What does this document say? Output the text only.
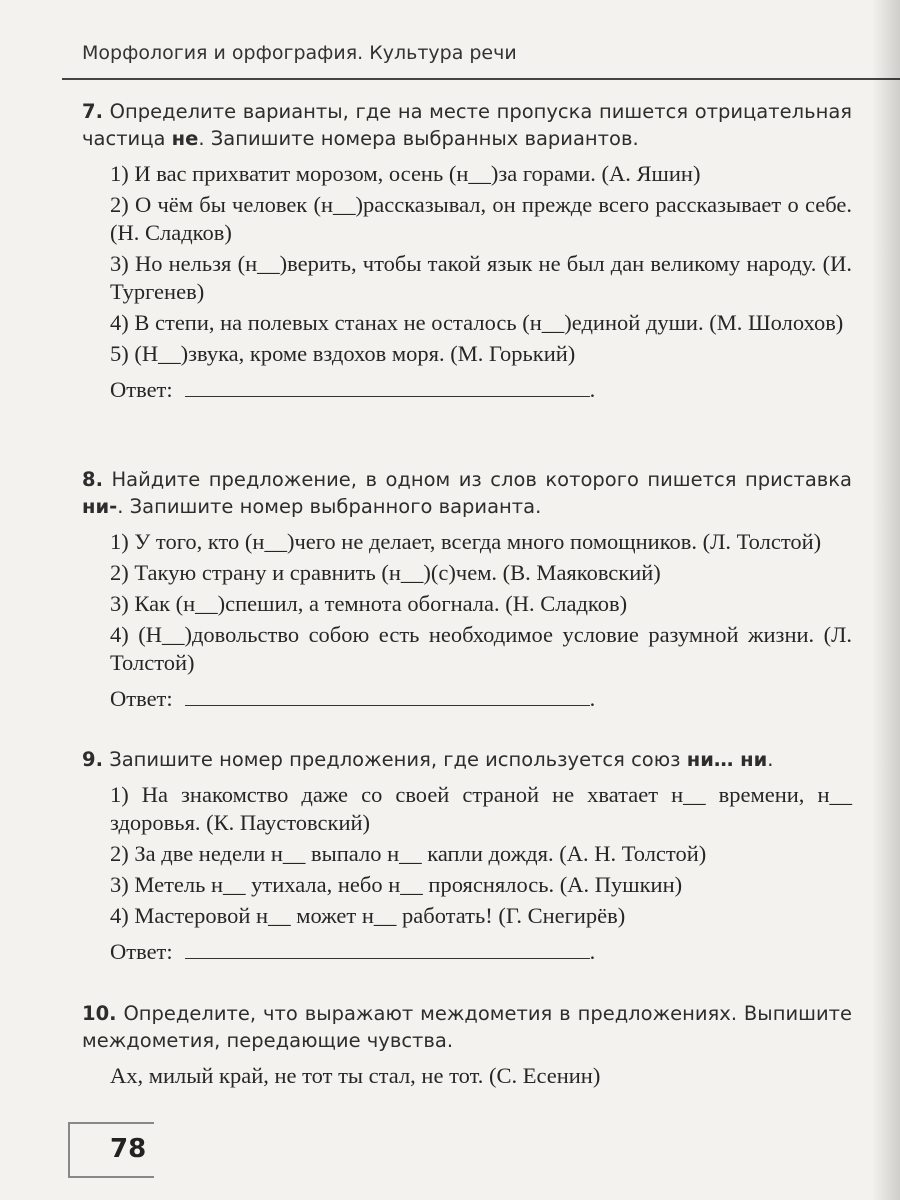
Морфология и орфография. Культура речи

7. Определите варианты, где на месте пропуска пишется отрицательная частица не. Запишите номера выбранных вариантов.

1) И вас прихватит морозом, осень (н__)за горами. (А. Яшин)
2) О чём бы человек (н__)рассказывал, он прежде всего рассказывает о себе. (Н. Сладков)
3) Но нельзя (н__)верить, чтобы такой язык не был дан великому народу. (И. Тургенев)
4) В степи, на полевых станах не осталось (н__)единой души. (М. Шолохов)
5) (Н__)звука, кроме вздохов моря. (М. Горький)
Ответ:	.

8. Найдите предложение, в одном из слов которого пишется приставка ни-. Запишите номер выбранного варианта.

1) У того, кто (н__)чего не делает, всегда много помощников. (Л. Толстой)
2) Такую страну и сравнить (н__)(с)чем. (В. Маяковский)
3) Как (н__)спешил, а темнота обогнала. (Н. Сладков)
4) (Н__)довольство собою есть необходимое условие разумной жизни. (Л. Толстой)
Ответ:	.

9. Запишите номер предложения, где используется союз ни… ни.

1) На знакомство даже со своей страной не хватает н__ времени, н__ здоровья. (К. Паустовский)
2) За две недели н__ выпало н__ капли дождя. (А. Н. Толстой)
3) Метель н__ утихала, небо н__ прояснялось. (А. Пушкин)
4) Мастеровой н__ может н__ работать! (Г. Снегирёв)
Ответ:	.

10. Определите, что выражают междометия в предложениях. Выпишите междометия, передающие чувства.

Ах, милый край, не тот ты стал, не тот. (С. Есенин)
78
